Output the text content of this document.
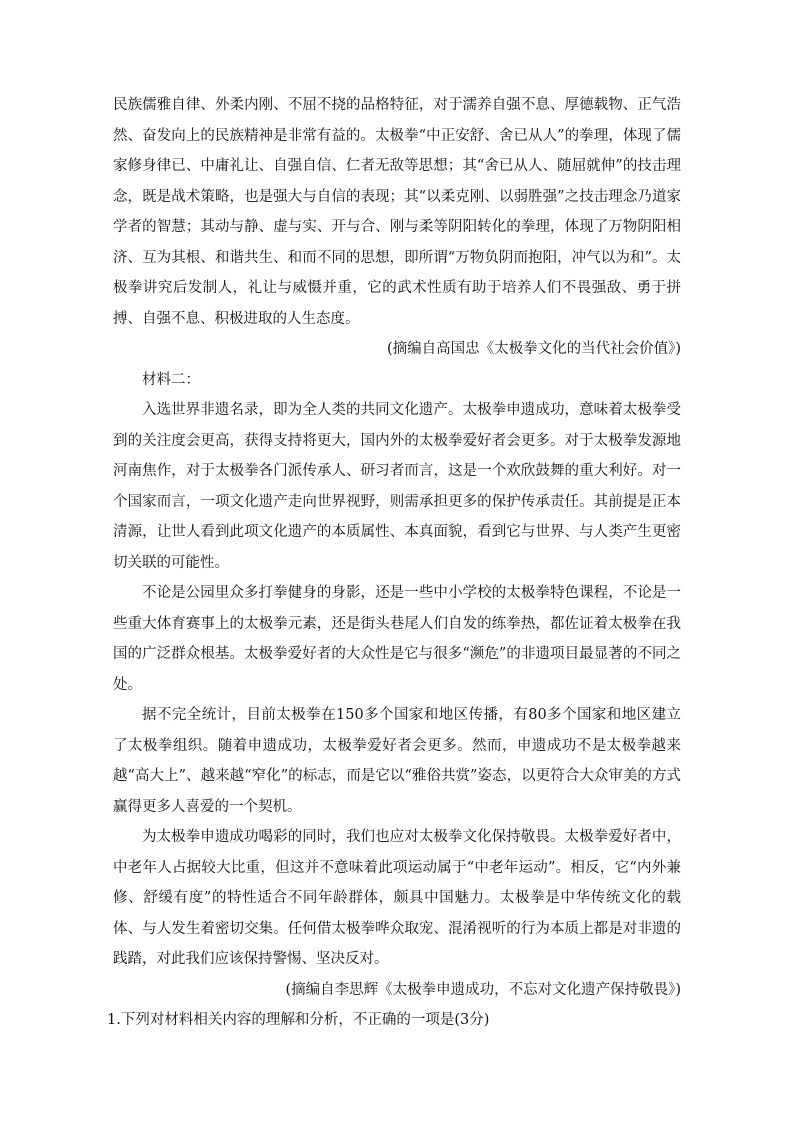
民族儒雅自律、外柔内刚、不屈不挠的品格特征，对于濡养自强不息、厚德载物、正气浩然、奋发向上的民族精神是非常有益的。太极拳“中正安舒、舍已从人”的拳理，体现了儒家修身律已、中庸礼让、自强自信、仁者无敌等思想；其“舍已从人、随屈就伸”的技击理念，既是战术策略，也是强大与自信的表现；其“以柔克刚、以弱胜强”之技击理念乃道家学者的智慧；其动与静、虚与实、开与合、刚与柔等阴阳转化的拳理，体现了万物阴阳相济、互为其根、和谐共生、和而不同的思想，即所谓“万物负阴而抱阳，冲气以为和”。太极拳讲究后发制人，礼让与威慑并重，它的武术性质有助于培养人们不畏强敌、勇于拼搏、自强不息、积极进取的人生态度。

(摘编自高国忠《太极拳文化的当代社会价值》)

材料二：

入选世界非遗名录，即为全人类的共同文化遗产。太极拳申遗成功，意味着太极拳受到的关注度会更高，获得支持将更大，国内外的太极拳爱好者会更多。对于太极拳发源地河南焦作，对于太极拳各门派传承人、研习者而言，这是一个欢欣鼓舞的重大利好。对一个国家而言，一项文化遗产走向世界视野，则需承担更多的保护传承责任。其前提是正本清源，让世人看到此项文化遗产的本质属性、本真面貌，看到它与世界、与人类产生更密切关联的可能性。

不论是公园里众多打拳健身的身影，还是一些中小学校的太极拳特色课程，不论是一些重大体育赛事上的太极拳元素，还是街头巷尾人们自发的练拳热，都佐证着太极拳在我国的广泛群众根基。太极拳爱好者的大众性是它与很多“濒危”的非遗项目最显著的不同之处。

据不完全统计，目前太极拳在150多个国家和地区传播，有80多个国家和地区建立了太极拳组织。随着申遗成功，太极拳爱好者会更多。然而，申遗成功不是太极拳越来越“高大上”、越来越“窄化”的标志，而是它以“雅俗共赏”姿态，以更符合大众审美的方式赢得更多人喜爱的一个契机。

为太极拳申遗成功喝彩的同时，我们也应对太极拳文化保持敬畏。太极拳爱好者中，中老年人占据较大比重，但这并不意味着此项运动属于“中老年运动”。相反，它“内外兼修、舒缓有度”的特性适合不同年龄群体，颇具中国魅力。太极拳是中华传统文化的载体、与人发生着密切交集。任何借太极拳哗众取宠、混淆视听的行为本质上都是对非遗的践踏，对此我们应该保持警惕、坚决反对。

(摘编自李思辉《太极拳申遗成功，不忘对文化遗产保持敬畏》)

1.下列对材料相关内容的理解和分析，不正确的一项是(3分)
